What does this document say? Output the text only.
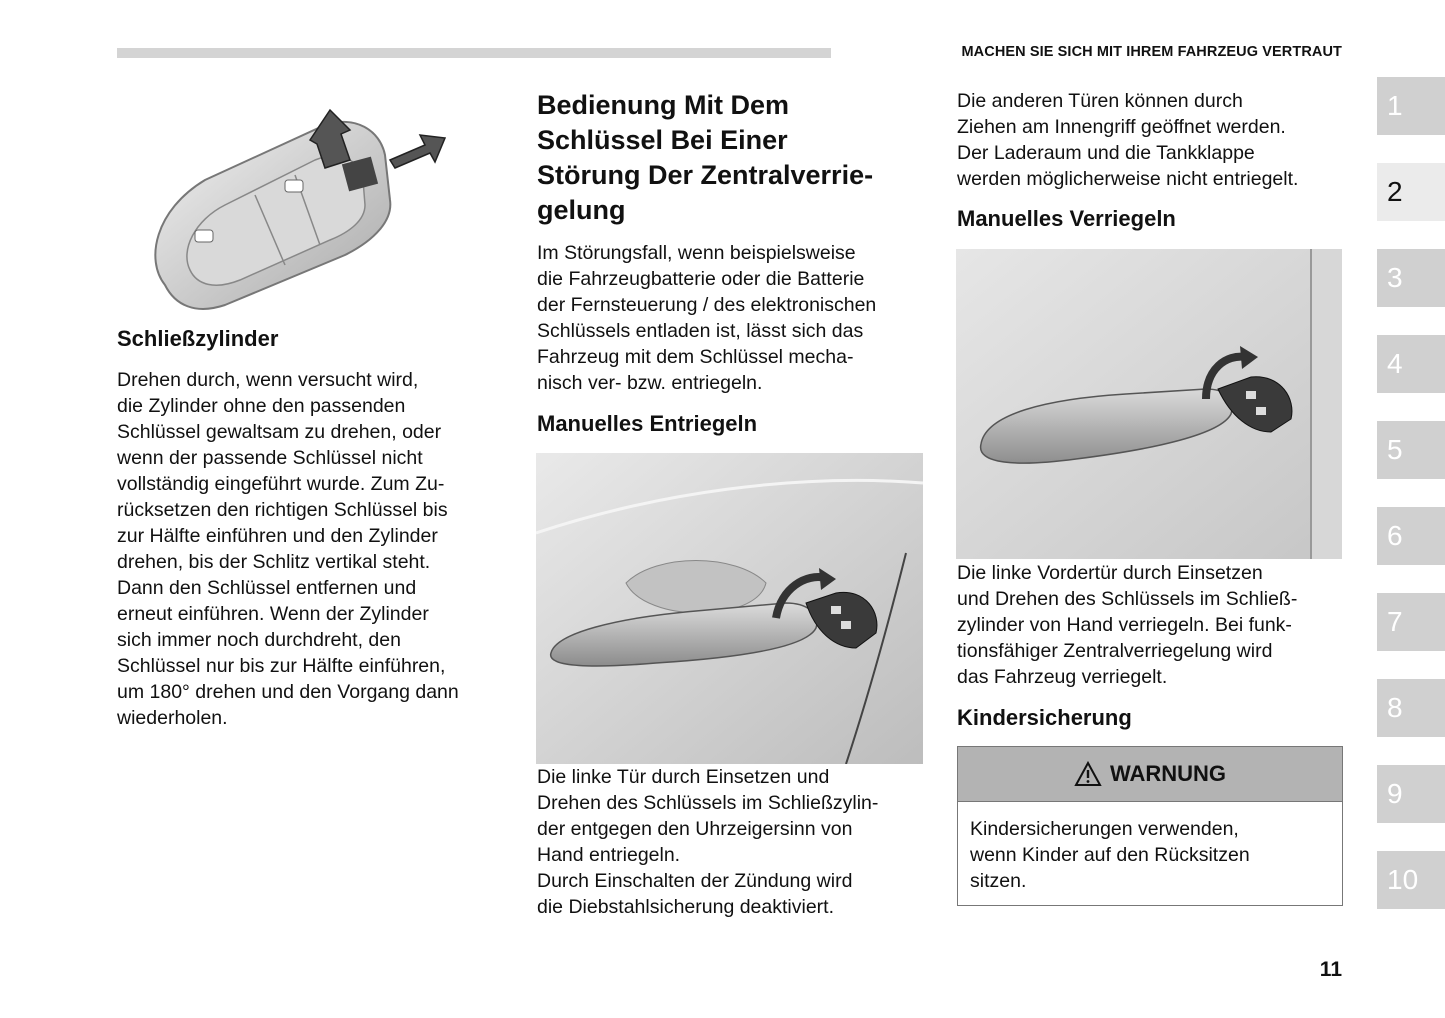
MACHEN SIE SICH MIT IHREM FAHRZEUG VERTRAUT

Schließzylinder

Drehen durch, wenn versucht wird,
die Zylinder ohne den passenden
Schlüssel gewaltsam zu drehen, oder
wenn der passende Schlüssel nicht
vollständig eingeführt wurde. Zum Zu-
rücksetzen den richtigen Schlüssel bis
zur Hälfte einführen und den Zylinder
drehen, bis der Schlitz vertikal steht.
Dann den Schlüssel entfernen und
erneut einführen. Wenn der Zylinder
sich immer noch durchdreht, den
Schlüssel nur bis zur Hälfte einführen,
um 180° drehen und den Vorgang dann
wiederholen.

Bedienung Mit Dem
Schlüssel Bei Einer
Störung Der Zentralverrie-
gelung

Im Störungsfall, wenn beispielsweise
die Fahrzeugbatterie oder die Batterie
der Fernsteuerung / des elektronischen
Schlüssels entladen ist, lässt sich das
Fahrzeug mit dem Schlüssel mecha-
nisch ver- bzw. entriegeln.

Manuelles Entriegeln

Die linke Tür durch Einsetzen und
Drehen des Schlüssels im Schließzylin-
der entgegen den Uhrzeigersinn von
Hand entriegeln.
Durch Einschalten der Zündung wird
die Diebstahlsicherung deaktiviert.

Die anderen Türen können durch
Ziehen am Innengriff geöffnet werden.
Der Laderaum und die Tankklappe
werden möglicherweise nicht entriegelt.

Manuelles Verriegeln

Die linke Vordertür durch Einsetzen
und Drehen des Schlüssels im Schließ-
zylinder von Hand verriegeln. Bei funk-
tionsfähiger Zentralverriegelung wird
das Fahrzeug verriegelt.

Kindersicherung

WARNUNG
Kindersicherungen verwenden,
wenn Kinder auf den Rücksitzen
sitzen.
1
2
3
4
5
6
7
8
9
10
11
